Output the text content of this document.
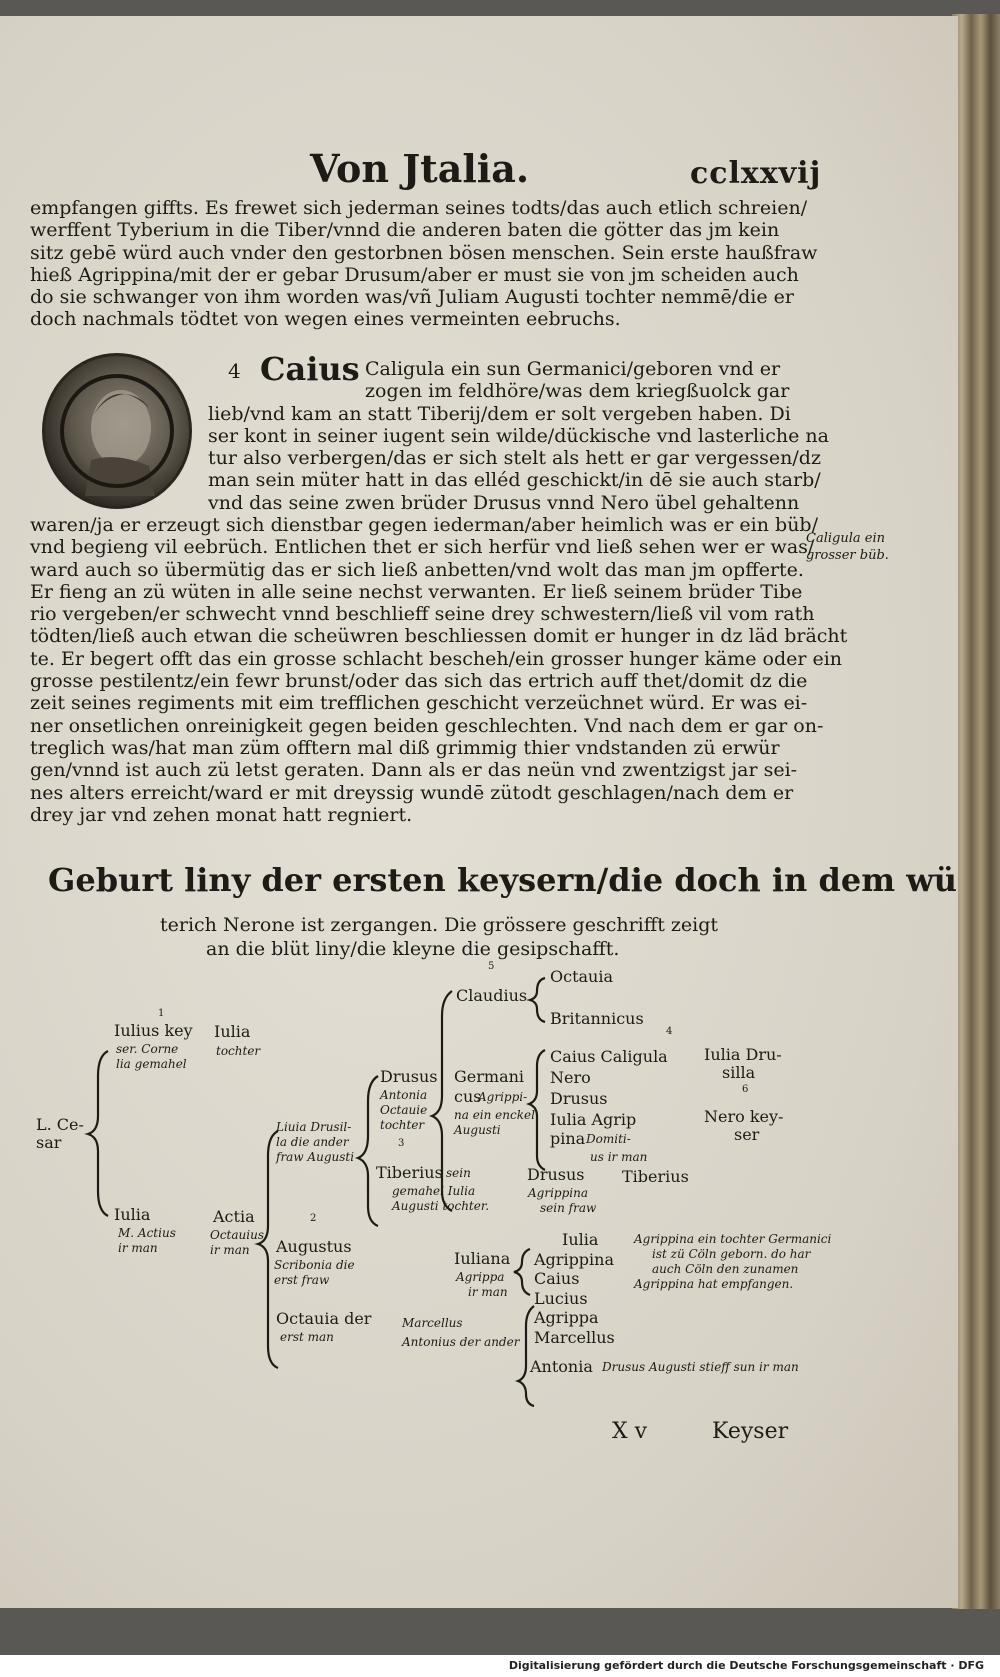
Von Jtalia.	cclxxvij
empfangen giffts. Es frewet sich jederman seines todts/das auch etlich schreien/
werffent Tyberium in die Tiber/vnnd die anderen baten die götter das jm kein
sitz gebē würd auch vnder den gestorbnen bösen menschen. Sein erste haußfraw
hieß Agrippina/mit der er gebar Drusum/aber er must sie von jm scheiden auch
do sie schwanger von ihm worden was/vñ Juliam Augusti tochter nemmē/die er
doch nachmals tödtet von wegen eines vermeinten eebruchs.
4 Caius Caligula ein sun Germanici/geboren vnd er
zogen im feldhöre/was dem kriegßuolck gar
lieb/vnd kam an statt Tiberij/dem er solt vergeben haben. Di
ser kont in seiner iugent sein wilde/dückische vnd lasterliche na
tur also verbergen/das er sich stelt als hett er gar vergessen/dz
man sein müter hatt in das elléd geschickt/in dē sie auch starb/
vnd das seine zwen brüder Drusus vnnd Nero übel gehaltenn
waren/ja er erzeugt sich dienstbar gegen iederman/aber heimlich was er ein büb/
vnd begieng vil eebrüch. Entlichen thet er sich herfür vnd ließ sehen wer er was/
ward auch so übermütig das er sich ließ anbetten/vnd wolt das man jm opfferte.
Er fieng an zü wüten in alle seine nechst verwanten. Er ließ seinem brüder Tibe
rio vergeben/er schwecht vnnd beschlieff seine drey schwestern/ließ vil vom rath
tödten/ließ auch etwan die scheüwren beschliessen domit er hunger in dz läd brächt
te. Er begert offt das ein grosse schlacht bescheh/ein grosser hunger käme oder ein
grosse pestilentz/ein fewr brunst/oder das sich das ertrich auff thet/domit dz die
zeit seines regiments mit eim trefflichen geschicht verzeüchnet würd. Er was ei-
ner onsetlichen onreinigkeit gegen beiden geschlechten. Vnd nach dem er gar on-
treglich was/hat man züm offtern mal diß grimmig thier vndstanden zü erwür
gen/vnnd ist auch zü letst geraten. Dann als er das neün vnd zwentzigst jar sei-
nes alters erreicht/ward er mit dreyssig wundē zütodt geschlagen/nach dem er
drey jar vnd zehen monat hatt regniert.
Caligula ein
grosser büb.
Geburt liny der ersten keysern/die doch in dem wü
terich Nerone ist zergangen. Die grössere geschrifft zeigt
an die blüt liny/die kleyne die gesipschafft.
1
2
3
4
5
6
L. Ce-
sar
Iulius key
ser. Corne
lia gemahel
Iulia
tochter
Iulia
M. Actius
ir man
Actia
Octauius
ir man
Liuia Drusil-
la die ander
fraw Augusti
Augustus
Scribonia die
erst fraw
Octauia der
erst man
Drusus
Antonia
Octauie
tochter
Tiberius sein
gemahel Iulia
Augusti tochter.
Germani
cus
Agrippi-
na ein enckel
Augusti
Claudius
Octauia
Britannicus
Caius Caligula
Nero
Drusus
Iulia Agrip
pina Domiti-
us ir man
Iulia Dru-
silla
Nero key-
ser
Drusus
Agrippina
sein fraw
Tiberius
Iuliana
Agrippa
ir man
Iulia
Agrippina
Caius
Lucius
Agrippa
Marcellus
Agrippina ein tochter Germanici
ist zü Cöln geborn. do har
auch Cöln den zunamen
Agrippina hat empfangen.
Marcellus
Antonius der ander
Antonia Drusus Augusti stieff sun ir man
X v	Keyser
Digitalisierung gefördert durch die Deutsche Forschungsgemeinschaft · DFG
